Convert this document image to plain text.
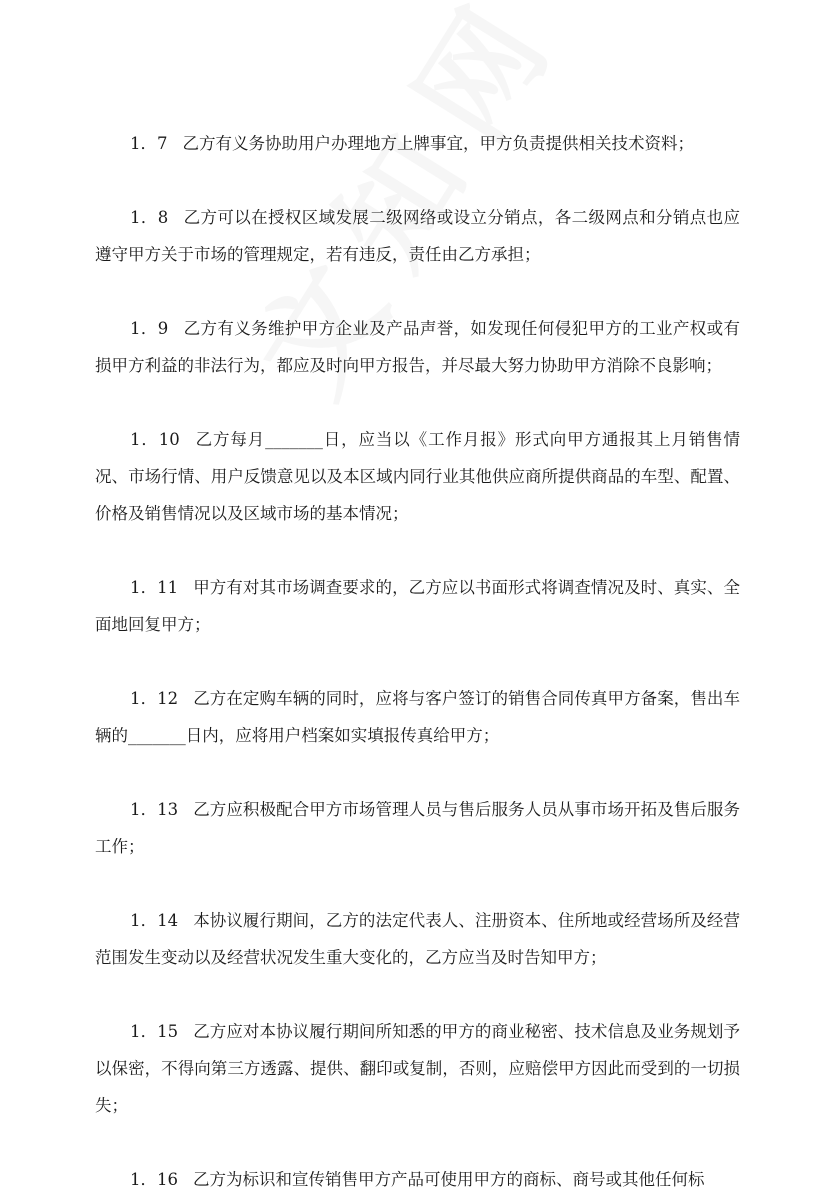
1．7 乙方有义务协助用户办理地方上牌事宜，甲方负责提供相关技术资料；

1．8 乙方可以在授权区域发展二级网络或设立分销点，各二级网点和分销点也应遵守甲方关于市场的管理规定，若有违反，责任由乙方承担；

1．9 乙方有义务维护甲方企业及产品声誉，如发现任何侵犯甲方的工业产权或有损甲方利益的非法行为，都应及时向甲方报告，并尽最大努力协助甲方消除不良影响；

1．10 乙方每月_______日，应当以《工作月报》形式向甲方通报其上月销售情况、市场行情、用户反馈意见以及本区域内同行业其他供应商所提供商品的车型、配置、价格及销售情况以及区域市场的基本情况；

1．11 甲方有对其市场调查要求的，乙方应以书面形式将调查情况及时、真实、全面地回复甲方；

1．12 乙方在定购车辆的同时，应将与客户签订的销售合同传真甲方备案，售出车辆的_______日内，应将用户档案如实填报传真给甲方；

1．13 乙方应积极配合甲方市场管理人员与售后服务人员从事市场开拓及售后服务工作；

1．14 本协议履行期间，乙方的法定代表人、注册资本、住所地或经营场所及经营范围发生变动以及经营状况发生重大变化的，乙方应当及时告知甲方；

1．15 乙方应对本协议履行期间所知悉的甲方的商业秘密、技术信息及业务规划予以保密，不得向第三方透露、提供、翻印或复制，否则，应赔偿甲方因此而受到的一切损失；

1．16 乙方为标识和宣传销售甲方产品可使用甲方的商标、商号或其他任何标
